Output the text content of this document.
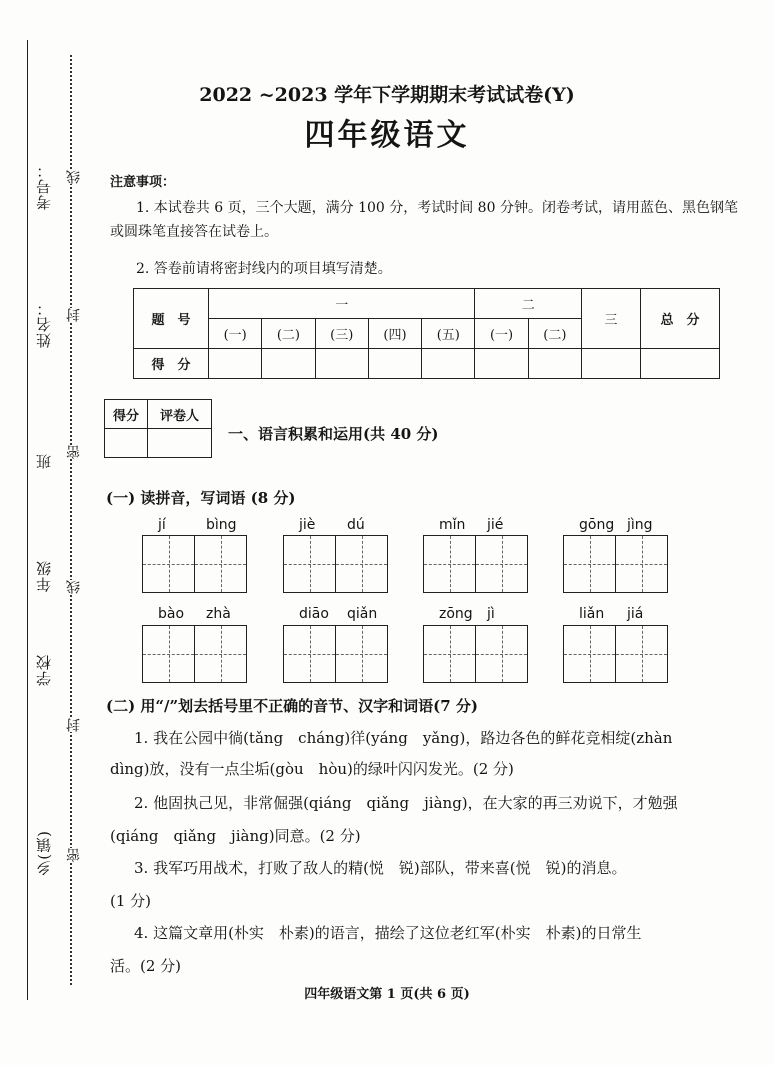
考号：
姓名：
班
年级
学校
乡(镇)
线
封
密
线
封
密
2022 ~2023 学年下学期期末考试试卷(Y)
四年级语文
注意事项：
1. 本试卷共 6 页，三个大题，满分 100 分，考试时间 80 分钟。闭卷考试，请用蓝色、黑色钢笔或圆珠笔直接答在试卷上。
2. 答卷前请将密封线内的项目填写清楚。
题　号	一					二		三	总　分
	(一)	(二)	(三)	(四)	(五)	(一)	(二)		
得　分									
得分	评卷人

一、语言积累和运用(共 40 分)
(一) 读拼音，写词语 (8 分)
jí	bìng	jiè dú	mǐn jié	gōng jìng
bào zhà	diāo qiǎn	zōng jì	liǎn jiá
(二) 用“/”划去括号里不正确的音节、汉字和词语(7 分)
1. 我在公园中徜(tǎng　cháng)徉(yáng　yǎng)，路边各色的鲜花竞相绽(zhàn
dìng)放，没有一点尘垢(gòu　hòu)的绿叶闪闪发光。(2 分)
2. 他固执己见，非常倔强(qiáng　qiǎng　jiàng)，在大家的再三劝说下，才勉强
(qiáng　qiǎng　jiàng)同意。(2 分)
3. 我军巧用战术，打败了敌人的精(悦　锐)部队，带来喜(悦　锐)的消息。
(1 分)
4. 这篇文章用(朴实　朴素)的语言，描绘了这位老红军(朴实　朴素)的日常生
活。(2 分)
四年级语文第 1 页(共 6 页)
